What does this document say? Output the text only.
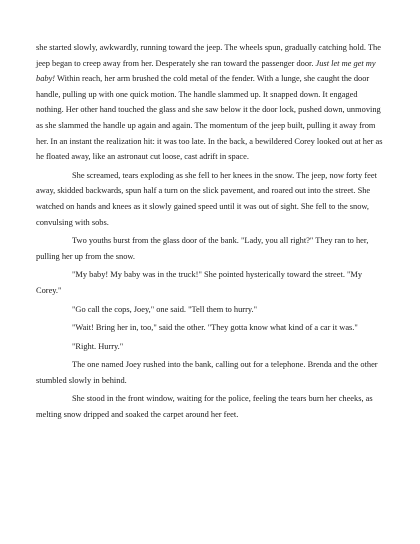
she started slowly, awkwardly, running toward the jeep. The wheels spun, gradually catching hold. The jeep began to creep away from her. Desperately she ran toward the passenger door. Just let me get my baby! Within reach, her arm brushed the cold metal of the fender. With a lunge, she caught the door handle, pulling up with one quick motion. The handle slammed up. It snapped down. It engaged nothing. Her other hand touched the glass and she saw below it the door lock, pushed down, unmoving as she slammed the handle up again and again. The momentum of the jeep built, pulling it away from her. In an instant the realization hit: it was too late. In the back, a bewildered Corey looked out at her as he floated away, like an astronaut cut loose, cast adrift in space.

She screamed, tears exploding as she fell to her knees in the snow. The jeep, now forty feet away, skidded backwards, spun half a turn on the slick pavement, and roared out into the street. She watched on hands and knees as it slowly gained speed until it was out of sight. She fell to the snow, convulsing with sobs.

Two youths burst from the glass door of the bank. "Lady, you all right?" They ran to her, pulling her up from the snow.

"My baby! My baby was in the truck!" She pointed hysterically toward the street. "My Corey."

"Go call the cops, Joey," one said. "Tell them to hurry."

"Wait! Bring her in, too," said the other. "They gotta know what kind of a car it was."

"Right. Hurry."

The one named Joey rushed into the bank, calling out for a telephone. Brenda and the other stumbled slowly in behind.

She stood in the front window, waiting for the police, feeling the tears burn her cheeks, as melting snow dripped and soaked the carpet around her feet.
